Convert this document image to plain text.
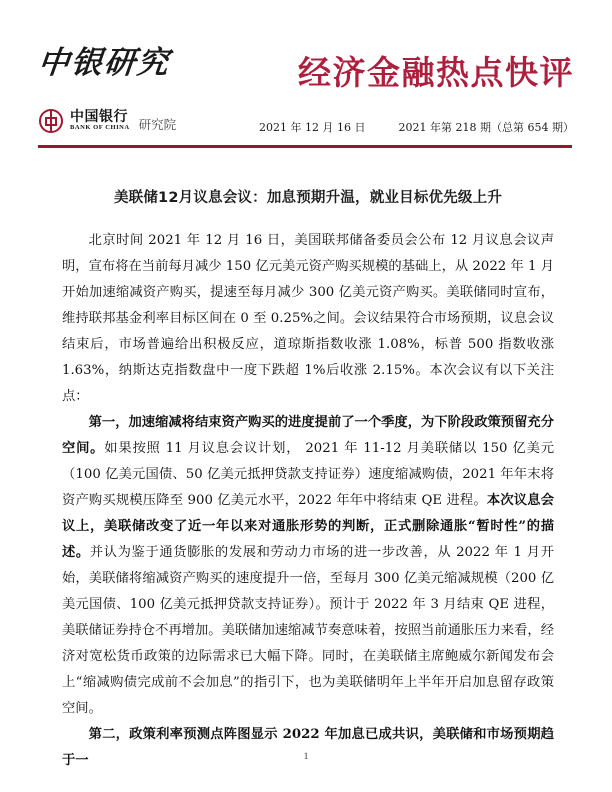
中银研究
中国银行
BANK OF CHINA 研究院
经济金融热点快评
2021 年 12 月 16 日	2021 年第 218 期（总第 654 期）
美联储12月议息会议：加息预期升温，就业目标优先级上升

北京时间 2021 年 12 月 16 日，美国联邦储备委员会公布 12 月议息会议声明，宣布将在当前每月减少 150 亿元美元资产购买规模的基础上，从 2022 年 1 月开始加速缩减资产购买，提速至每月减少 300 亿美元资产购买。美联储同时宣布，维持联邦基金利率目标区间在 0 至 0.25%之间。会议结果符合市场预期，议息会议结束后，市场普遍给出积极反应，道琼斯指数收涨 1.08%，标普 500 指数收涨 1.63%，纳斯达克指数盘中一度下跌超 1%后收涨 2.15%。本次会议有以下关注点：

第一，加速缩减将结束资产购买的进度提前了一个季度，为下阶段政策预留充分空间。如果按照 11 月议息会议计划， 2021 年 11-12 月美联储以 150 亿美元（100 亿美元国债、50 亿美元抵押贷款支持证券）速度缩减购债，2021 年年末将资产购买规模压降至 900 亿美元水平，2022 年年中将结束 QE 进程。本次议息会议上，美联储改变了近一年以来对通胀形势的判断，正式删除通胀“暂时性”的描述。并认为鉴于通货膨胀的发展和劳动力市场的进一步改善，从 2022 年 1 月开始，美联储将缩减资产购买的速度提升一倍，至每月 300 亿美元缩减规模（200 亿美元国债、100 亿美元抵押贷款支持证券）。预计于 2022 年 3 月结束 QE 进程，美联储证券持仓不再增加。美联储加速缩减节奏意味着，按照当前通胀压力来看，经济对宽松货币政策的边际需求已大幅下降。同时，在美联储主席鲍威尔新闻发布会上“缩减购债完成前不会加息”的指引下，也为美联储明年上半年开启加息留存政策空间。

第二，政策利率预测点阵图显示 2022 年加息已成共识，美联储和市场预期趋于一	1
